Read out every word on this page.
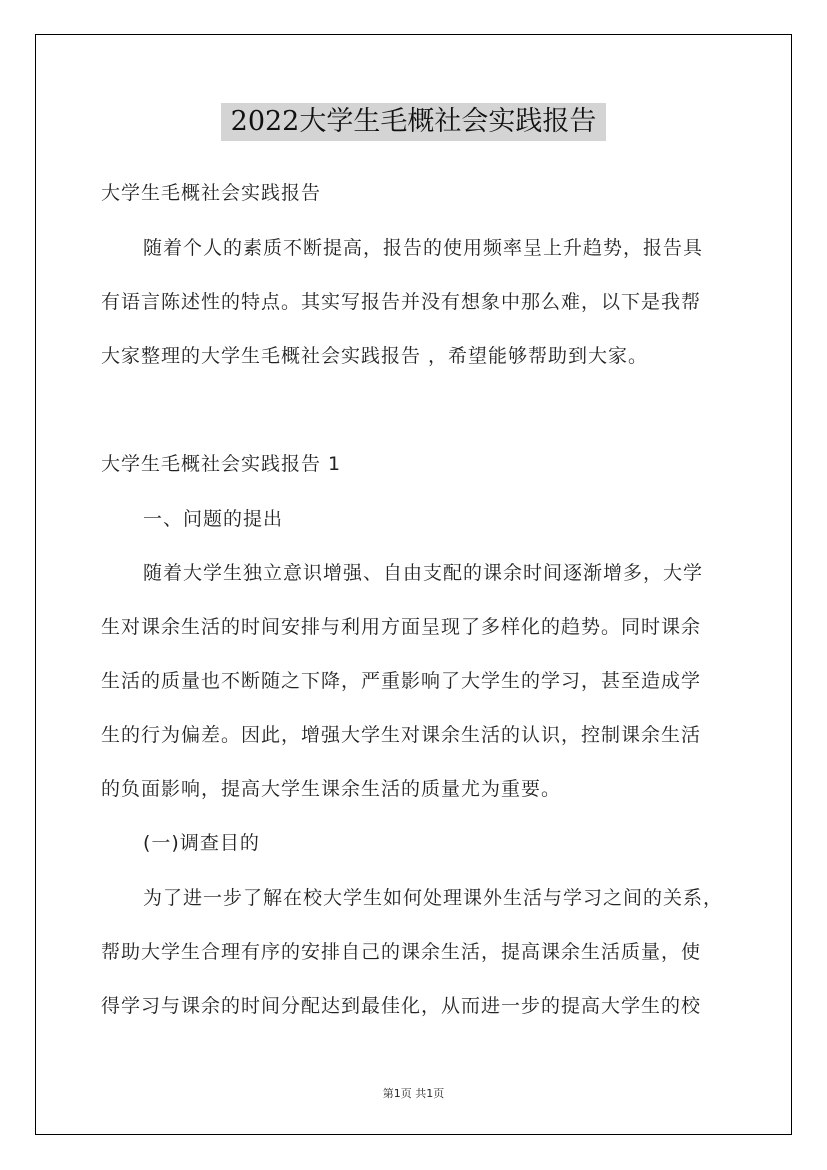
2022大学生毛概社会实践报告
大学生毛概社会实践报告
随着个人的素质不断提高，报告的使用频率呈上升趋势，报告具
有语言陈述性的特点。其实写报告并没有想象中那么难，以下是我帮
大家整理的大学生毛概社会实践报告 ，希望能够帮助到大家。
大学生毛概社会实践报告 1
一、问题的提出
随着大学生独立意识增强、自由支配的课余时间逐渐增多，大学
生对课余生活的时间安排与利用方面呈现了多样化的趋势。同时课余
生活的质量也不断随之下降，严重影响了大学生的学习，甚至造成学
生的行为偏差。因此，增强大学生对课余生活的认识，控制课余生活
的负面影响，提高大学生课余生活的质量尤为重要。
(一)调查目的
为了进一步了解在校大学生如何处理课外生活与学习之间的关系，
帮助大学生合理有序的安排自己的课余生活，提高课余生活质量，使
得学习与课余的时间分配达到最佳化，从而进一步的提高大学生的校
第1页 共1页
